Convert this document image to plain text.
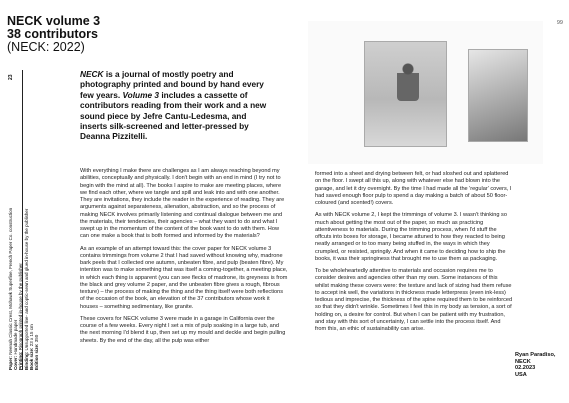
NECK volume 3
38 contributors
(NECK: 2022)
99
23
Paper: Neenah Classic Crest, Mohawk Superfine, French Paper Co. construction
Cover: Handmade paper
Printing: Risograph printed in-house by the publisher
Binding: Unsupported line- and coptic-sewn and glued in-house by the publisher
Book size: 23 x 15 cm
Edition size: 350
NECK is a journal of mostly poetry and photography printed and bound by hand every few years. Volume 3 includes a cassette of contributors reading from their work and a new sound piece by Jefre Cantu-Ledesma, and inserts silk-screened and letter-pressed by Deanna Pizzitelli.

With everything I make there are challenges as I am always reaching beyond my abilities, conceptually and physically. I don't begin with an end in mind (I try not to begin with the mind at all). The books I aspire to make are meeting places, where we find each other, where we tangle and spill and leak into and with one another. They are invitations, they include the reader in the experience of reading. They are arguments against separateness, alienation, abstraction, and so the process of making NECK involves primarily listening and continual dialogue between me and the materials, their tendencies, their agencies – what they want to do and what I swept up in the momentum of the content of the book want to do with them. How can one make a book that is both formed and informed by the materials?

As an example of an attempt toward this: the cover paper for NECK volume 3 contains trimmings from volume 2 that I had saved without knowing why, madrone bark peels that I collected one autumn, unbeaten fibre, and pulp (beaten fibre). My intention was to make something that was itself a coming-together, a meeting place, in which each thing is apparent (you can see flecks of madrone, its greyness is from the black and grey volume 2 paper, and the unbeaten fibre gives a rough, fibrous texture) – the process of making the thing and the thing itself were both reflections of the occasion of the book, an elevation of the 37 contributors whose work it houses – something sedimentary, like granite.

These covers for NECK volume 3 were made in a garage in California over the course of a few weeks. Every night I set a mix of pulp soaking in a large tub, and the next morning I'd blend it up, then set up my mould and deckle and begin pulling sheets. By the end of the day, all the pulp was either

formed into a sheet and drying between felt, or had sloshed out and splattered on the floor. I swept all this up, along with whatever else had blown into the garage, and let it dry overnight. By the time I had made all the 'regular' covers, I had saved enough floor pulp to spend a day making a batch of about 50 floor-coloured (and scented!) covers.

As with NECK volume 2, I kept the trimmings of volume 3. I wasn't thinking so much about getting the most out of the paper, so much as practicing attentiveness to materials. During the trimming process, when I'd stuff the offcuts into boxes for storage, I became attuned to how they reacted to being neatly arranged or to too many being stuffed in, the ways in which they crumpled, or resisted, springily. And when it came to deciding how to ship the books, it was their springiness that brought me to use them as packaging.

To be wholeheartedly attentive to materials and occasion requires me to consider desires and agencies other than my own. Some instances of this whilst making these covers were: the texture and lack of sizing had them refuse to accept ink well, the variations in thickness made letterpress (even ink-less) tedious and imprecise, the thickness of the spine required them to be reinforced so that they didn't wrinkle. Sometimes I feel this in my body as tension, a sort of holding on, a desire for control. But when I can be patient with my frustration, and stay with this sort of uncertainty, I can settle into the process itself. And from this, an ethic of sustainability can arise.

Ryan Paradiso,
NECK
02.2023
USA
